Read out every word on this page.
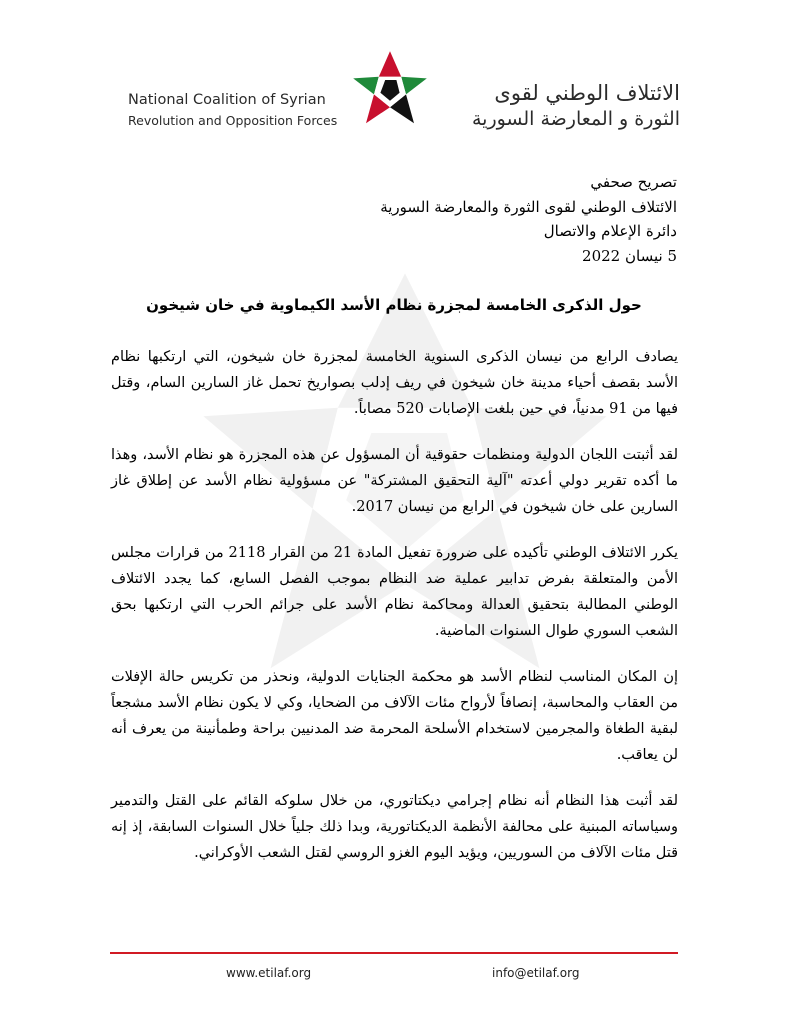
National Coalition of Syrian
Revolution and Opposition Forces
الائتلاف الوطني لقوى
الثورة و المعارضة السورية
تصريح صحفي
الائتلاف الوطني لقوى الثورة والمعارضة السورية
دائرة الإعلام والاتصال
5 نيسان 2022
حول الذكرى الخامسة لمجزرة نظام الأسد الكيماوية في خان شيخون

يصادف الرابع من نيسان الذكرى السنوية الخامسة لمجزرة خان شيخون، التي ارتكبها نظام الأسد بقصف أحياء مدينة خان شيخون في ريف إدلب بصواريخ تحمل غاز السارين السام، وقتل فيها من 91 مدنياً، في حين بلغت الإصابات 520 مصاباً.

لقد أثبتت اللجان الدولية ومنظمات حقوقية أن المسؤول عن هذه المجزرة هو نظام الأسد، وهذا ما أكده تقرير دولي أعدته "آلية التحقيق المشتركة" عن مسؤولية نظام الأسد عن إطلاق غاز السارين على خان شيخون في الرابع من نيسان 2017.

يكرر الائتلاف الوطني تأكيده على ضرورة تفعيل المادة 21 من القرار 2118 من قرارات مجلس الأمن والمتعلقة بفرض تدابير عملية ضد النظام بموجب الفصل السابع، كما يجدد الائتلاف الوطني المطالبة بتحقيق العدالة ومحاكمة نظام الأسد على جرائم الحرب التي ارتكبها بحق الشعب السوري طوال السنوات الماضية.

إن المكان المناسب لنظام الأسد هو محكمة الجنايات الدولية، ونحذر من تكريس حالة الإفلات من العقاب والمحاسبة، إنصافاً لأرواح مئات الآلاف من الضحايا، وكي لا يكون نظام الأسد مشجعاً لبقية الطغاة والمجرمين لاستخدام الأسلحة المحرمة ضد المدنيين براحة وطمأنينة من يعرف أنه لن يعاقب.

لقد أثبت هذا النظام أنه نظام إجرامي ديكتاتوري، من خلال سلوكه القائم على القتل والتدمير وسياساته المبنية على محالفة الأنظمة الديكتاتورية، وبدا ذلك جلياً خلال السنوات السابقة، إذ إنه قتل مئات الآلاف من السوريين، ويؤيد اليوم الغزو الروسي لقتل الشعب الأوكراني.

www.etilaf.org	info@etilaf.org
